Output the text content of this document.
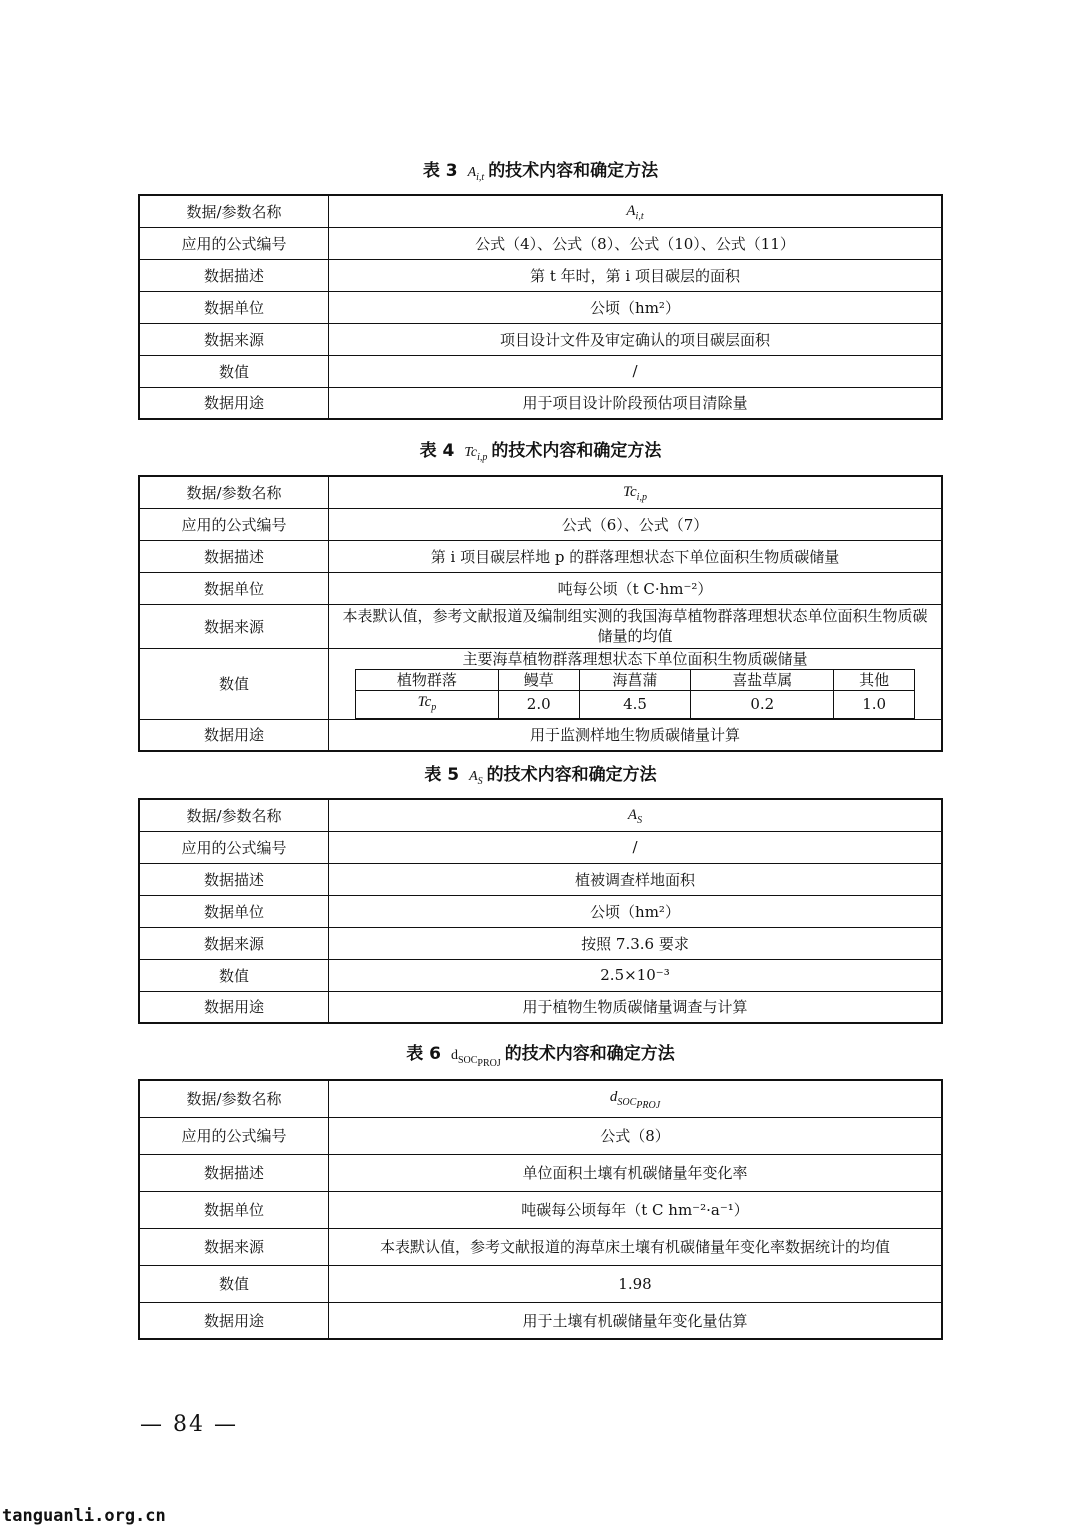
表 3 $A_{i,t}$ 的技术内容和确定方法
数据/参数名称	$A_{i,t}$
应用的公式编号	公式（4）、公式（8）、公式（10）、公式（11）
数据描述	第 t 年时，第 i 项目碳层的面积
数据单位	公顷（hm²）
数据来源	项目设计文件及审定确认的项目碳层面积
数值	/
数据用途	用于项目设计阶段预估项目清除量
表 4 $Tc_{i,p}$ 的技术内容和确定方法
数据/参数名称	$Tc_{i,p}$
应用的公式编号	公式（6）、公式（7）
数据描述	第 i 项目碳层样地 p 的群落理想状态下单位面积生物质碳储量
数据单位	吨每公顷（t C·hm⁻²）
数据来源	本表默认值，参考文献报道及编制组实测的我国海草植物群落理想状态单位面积生物质碳储量的均值
数值	
主要海草植物群落理想状态下单位面积生物质碳储量
植物群落	鳗草	海菖蒲	喜盐草属	其他
$Tc_p$	2.0	4.5	0.2	1.0

数据用途	用于监测样地生物质碳储量计算
表 5 $A_S$ 的技术内容和确定方法
数据/参数名称	$A_S$
应用的公式编号	/
数据描述	植被调查样地面积
数据单位	公顷（hm²）
数据来源	按照 7.3.6 要求
数值	2.5×10⁻³
数据用途	用于植物生物质碳储量调查与计算
表 6 $d_{SOC_{PROJ}}$ 的技术内容和确定方法
数据/参数名称	$d_{SOC_{PROJ}}$
应用的公式编号	公式（8）
数据描述	单位面积土壤有机碳储量年变化率
数据单位	吨碳每公顷每年（t C hm⁻²·a⁻¹）
数据来源	本表默认值，参考文献报道的海草床土壤有机碳储量年变化率数据统计的均值
数值	1.98
数据用途	用于土壤有机碳储量年变化量估算
— 84 —
tanguanli.org.cn
